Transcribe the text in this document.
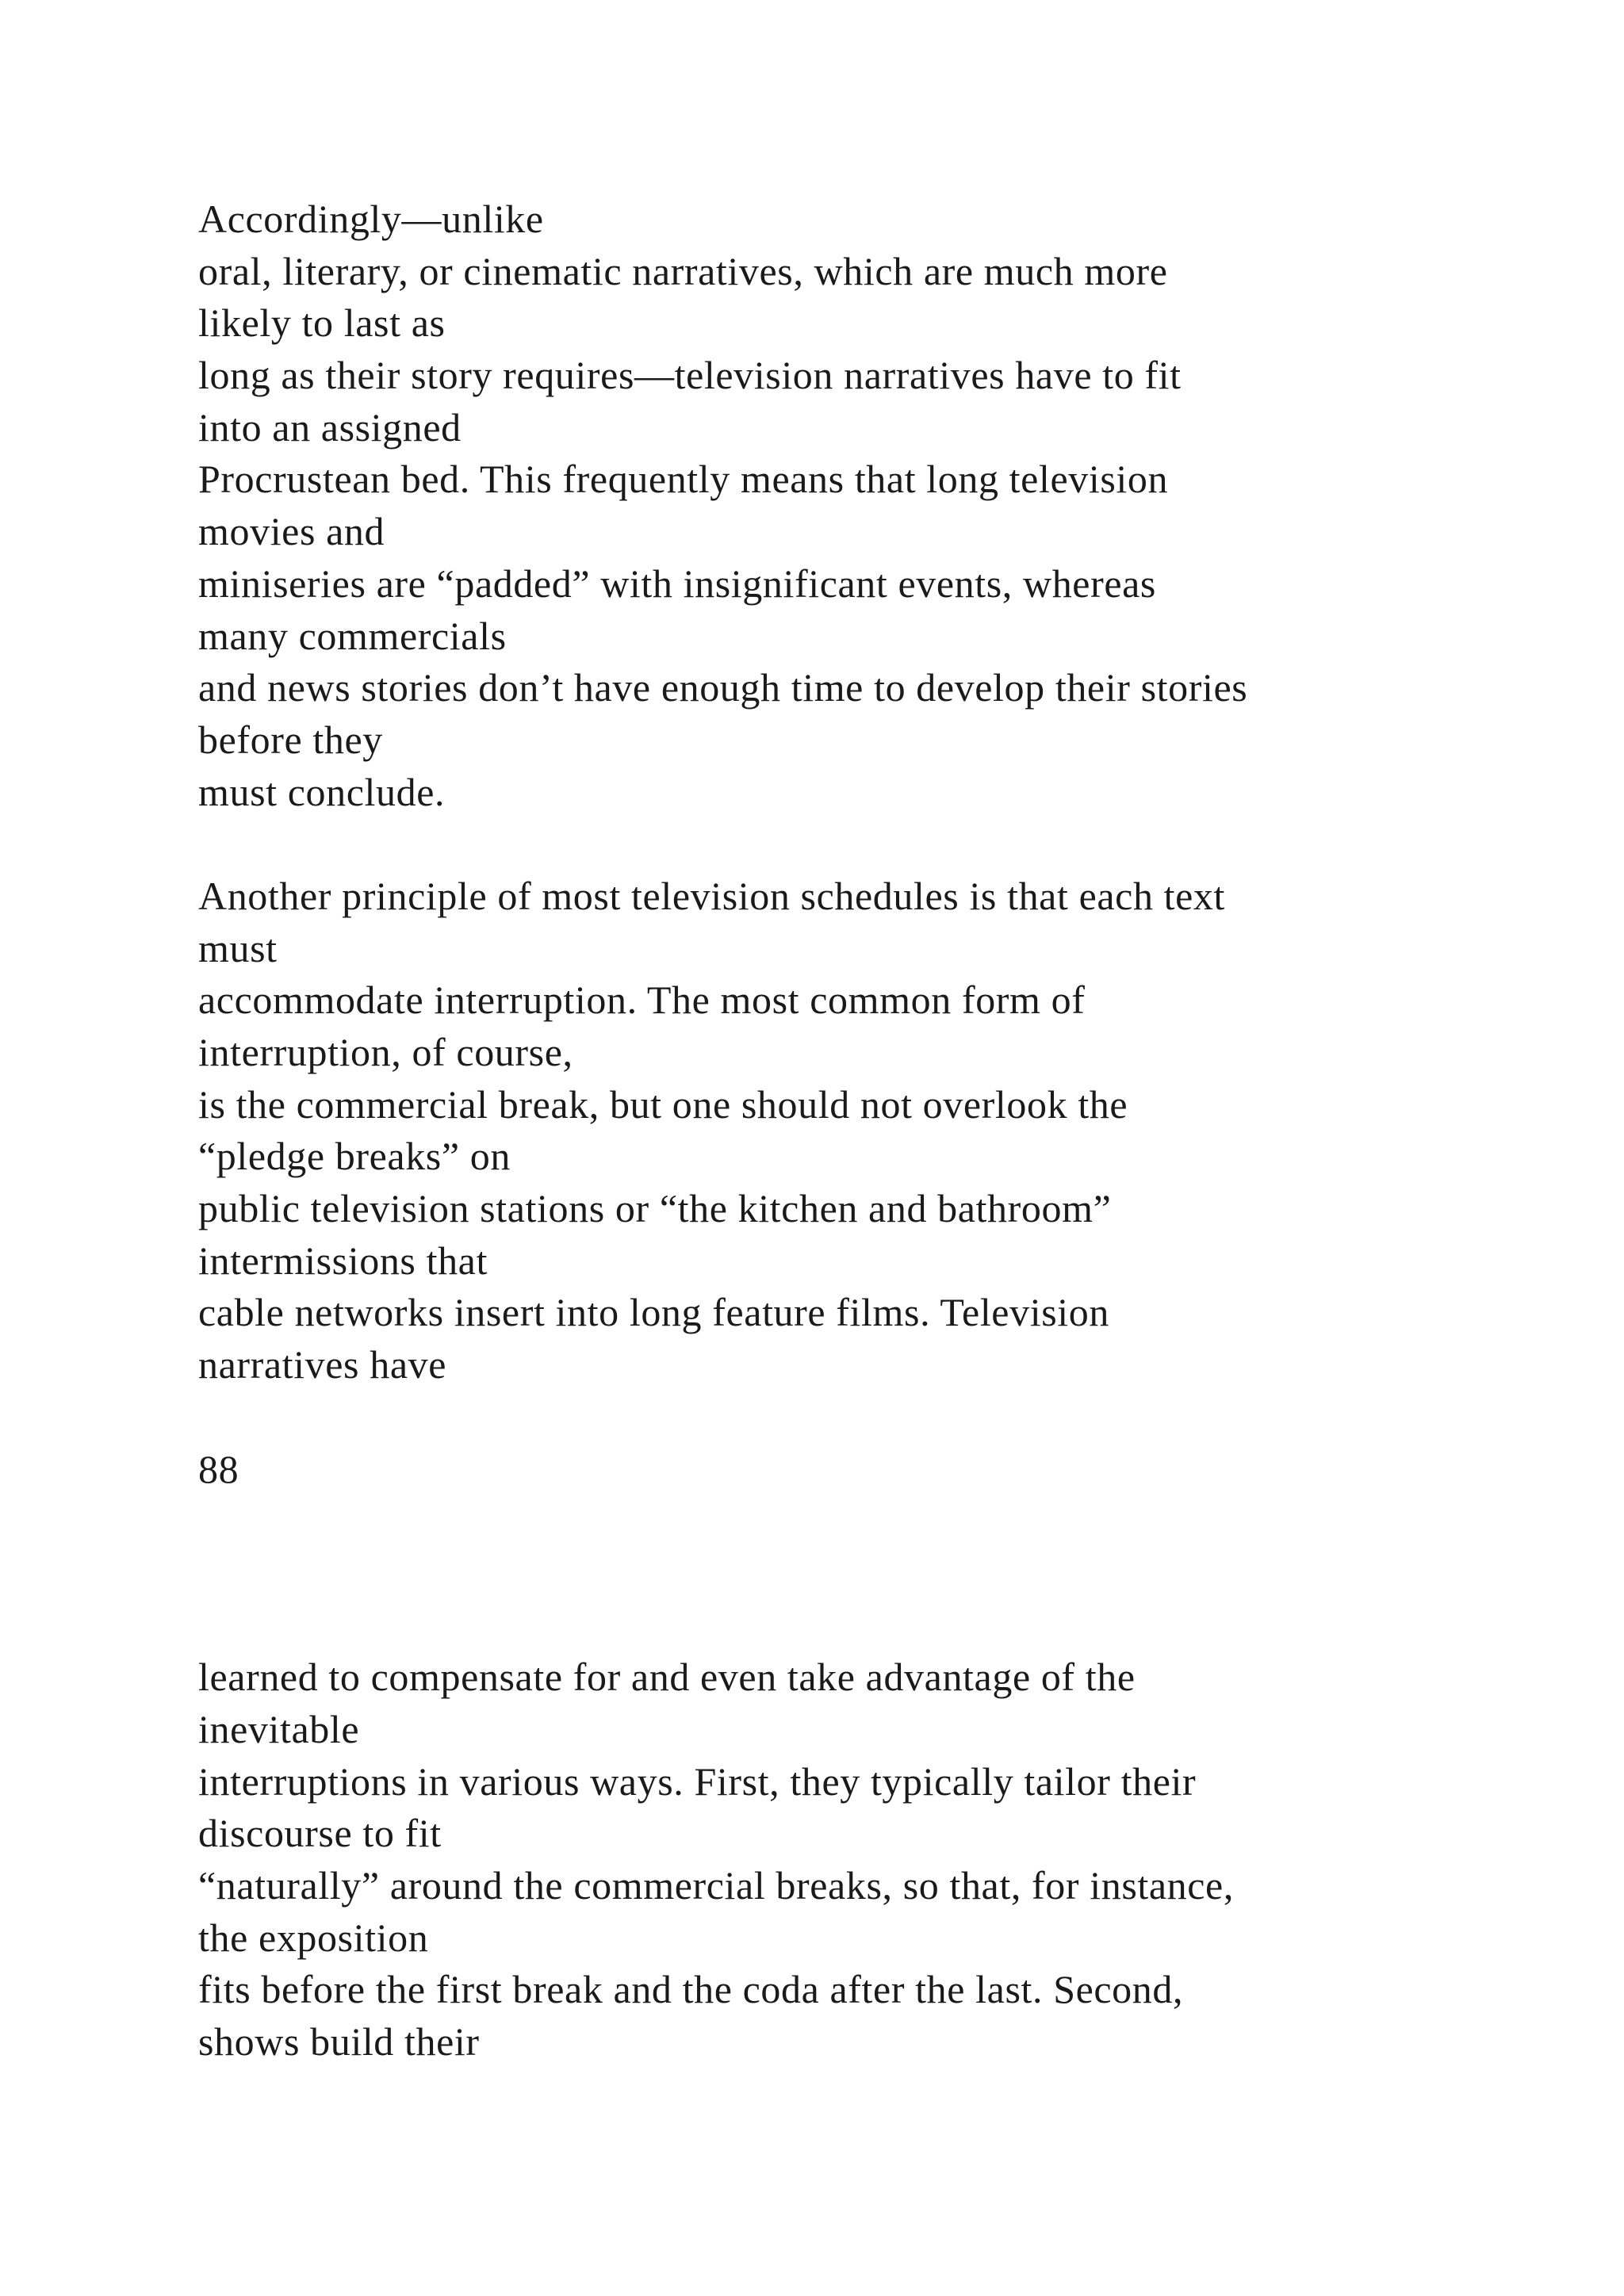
Accordingly—unlike
oral, literary, or cinematic narratives, which are much more
likely to last as
long as their story requires—television narratives have to fit
into an assigned
Procrustean bed. This frequently means that long television
movies and
miniseries are “padded” with insignificant events, whereas
many commercials
and news stories don’t have enough time to develop their stories
before they
must conclude.
Another principle of most television schedules is that each text
must
accommodate interruption. The most common form of
interruption, of course,
is the commercial break, but one should not overlook the
“pledge breaks” on
public television stations or “the kitchen and bathroom”
intermissions that
cable networks insert into long feature films. Television
narratives have
88
learned to compensate for and even take advantage of the
inevitable
interruptions in various ways. First, they typically tailor their
discourse to fit
“naturally” around the commercial breaks, so that, for instance,
the exposition
fits before the first break and the coda after the last. Second,
shows build their
